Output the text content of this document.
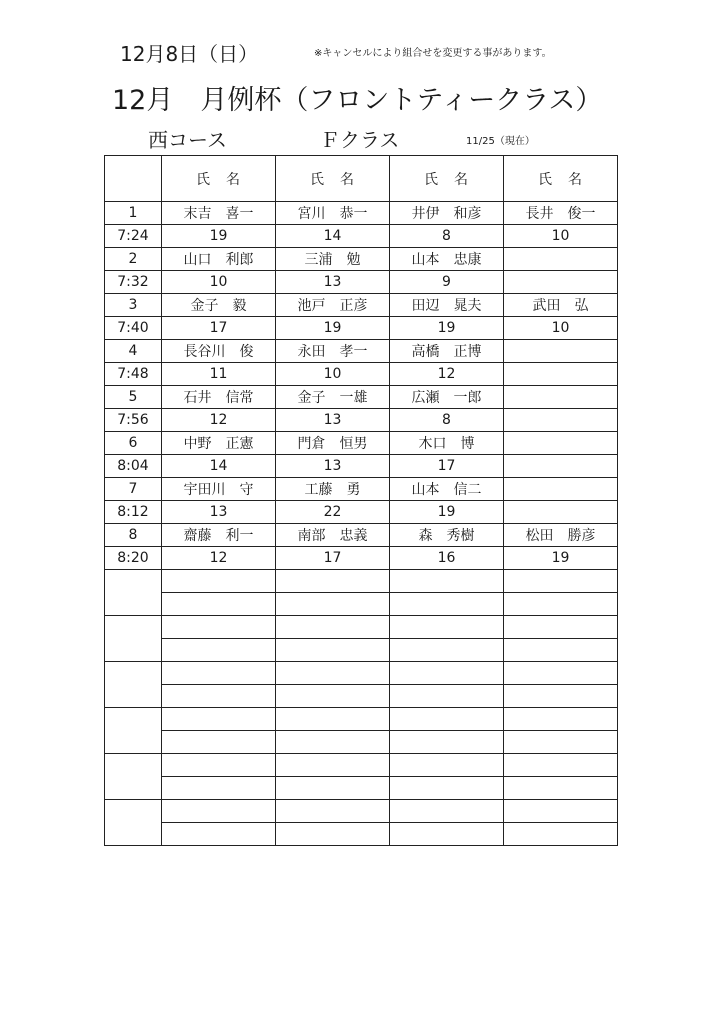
12月8日（日）	※キャンセルにより組合せを変更する事があります。
12月　月例杯（フロントティークラス）
西コース	Ｆクラス	11/25（現在）
	氏　名	氏　名	氏　名	氏　名
1	末吉　喜一	宮川　恭一	井伊　和彦	長井　俊一
7:24	19	14	8	10
2	山口　利郎	三浦　勉	山本　忠康	
7:32	10	13	9	
3	金子　毅	池戸　正彦	田辺　晁夫	武田　弘
7:40	17	19	19	10
4	長谷川　俊	永田　孝一	高橋　正博	
7:48	11	10	12	
5	石井　信常	金子　一雄	広瀬　一郎	
7:56	12	13	8	
6	中野　正憲	門倉　恒男	木口　博	
8:04	14	13	17	
7	宇田川　守	工藤　勇	山本　信二	
8:12	13	22	19	
8	齋藤　利一	南部　忠義	森　秀樹	松田　勝彦
8:20	12	17	16	19
